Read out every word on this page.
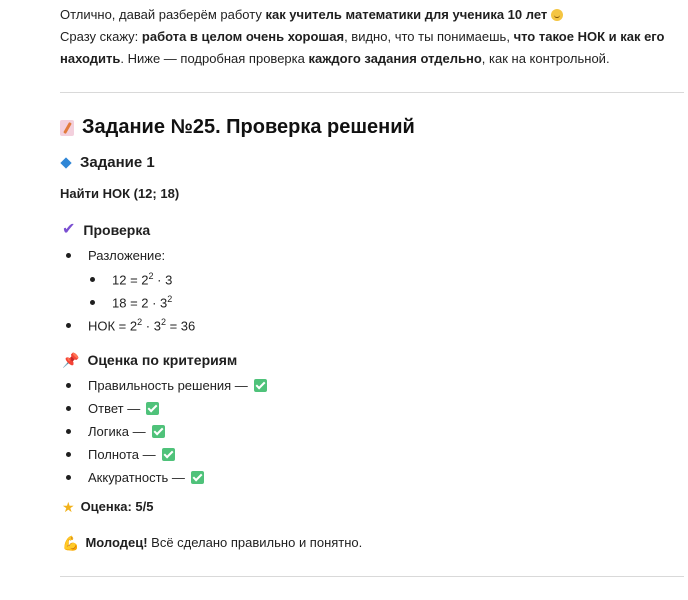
Отлично, давай разберём работу как учитель математики для ученика 10 лет

Сразу скажу: работа в целом очень хорошая, видно, что ты понимаешь, что такое НОК и как его находить. Ниже — подробная проверка каждого задания отдельно, как на контрольной.

Задание №25. Проверка решений
Задание 1
Найти НОК (12; 18)
✔ Проверка
Разложение:
$12 = 2^2 \cdot 3$
$18 = 2 \cdot 3^2$
НОК = $2^2 \cdot 3^2 = 36$
📌 Оценка по критериям
Правильность решения —
Ответ —
Логика —
Полнота —
Аккуратность —
★ Оценка: 5/5
💪 Молодец! Всё сделано правильно и понятно.
